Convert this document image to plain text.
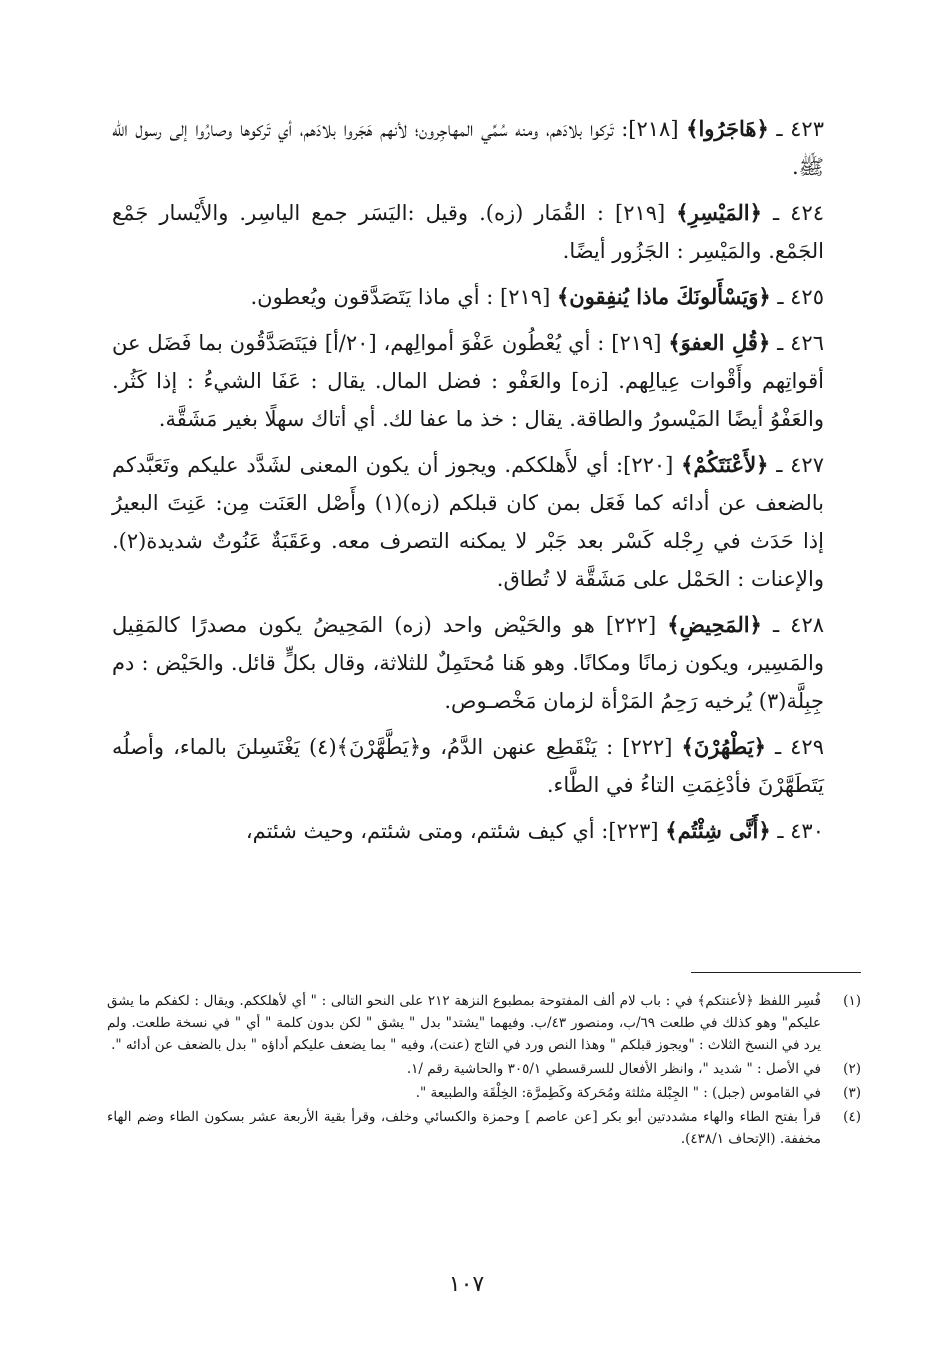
٤٢٣ ـ ﴿هَاجَرُوا﴾ [٢١٨]: تَركوا بلادَهم، ومنه سُمِّي المهاجِرون؛ لأنهم هَجَروا بلادَهم، أي تَركوها وصارُوا إلى رسول الله ﷺ.

٤٢٤ ـ ﴿المَيْسِرِ﴾ [٢١٩] : القُمَار (زه). وقيل :اليَسَر جمع الياسِر. والأَيْسار جَمْع الجَمْع. والمَيْسِر : الجَزُور أيضًا.

٤٢٥ ـ ﴿وَيَسْأَلونَكَ ماذا يُنفِقون﴾ [٢١٩] : أي ماذا يَتَصَدَّقون ويُعطون.

٤٢٦ ـ ﴿قُلِ العفوَ﴾ [٢١٩] : أي يُعْطُون عَفْوَ أموالِهم، [٢٠/أ] فيَتَصَدَّقُون بما فَضَل عن أقواتِهم وأَقْوات عِيالِهم. [زه] والعَفْو : فضل المال. يقال : عَفَا الشيءُ : إذا كَثُر. والعَفْوُ أيضًا المَيْسورُ والطاقة. يقال : خذ ما عفا لك. أي أتاك سهلًا بغير مَشَقَّة.

٤٢٧ ـ ﴿لأَعْنَتَكُمْ﴾ [٢٢٠]: أي لأَهلككم. ويجوز أن يكون المعنى لشَدَّد عليكم وتَعَبَّدكم بالضعف عن أدائه كما فَعَل بمن كان قبلكم (زه)(١) وأَصْل العَنَت مِن: عَنِتَ البعيرُ إذا حَدَث في رِجْله كَسْر بعد جَبْر لا يمكنه التصرف معه. وعَقَبَةٌ عَنُوتٌ شديدة(٢). والإعنات : الحَمْل على مَشَقَّة لا تُطاق.

٤٢٨ ـ ﴿المَحِيضِ﴾ [٢٢٢] هو والحَيْض واحد (زه) المَحِيضُ يكون مصدرًا كالمَقِيل والمَسِير، ويكون زمانًا ومكانًا. وهو هَنا مُحتَمِلٌ للثلاثة، وقال بكلٍّ قائل. والحَيْض : دم جِبِلَّة(٣) يُرخيه رَحِمُ المَرْأة لزمان مَخْصـوص.

٤٢٩ ـ ﴿يَطْهُرْنَ﴾ [٢٢٢] : يَنْقَطِع عنهن الدَّمُ، و﴿يَطَّهَّرْنَ﴾(٤) يَغْتَسِلنَ بالماء، وأصلُه يَتَطَهَّرْنَ فأدْغِمَتِ التاءُ في الطَّاء.

٤٣٠ ـ ﴿أَنَّى شِئْتُم﴾ [٢٢٣]: أي كيف شئتم، ومتى شئتم، وحيث شئتم،

(١)
فُسِر اللفظ ﴿لأعنتكم﴾ في : باب لام ألف المفتوحة بمطبوع النزهة ٢١٢ على النحو التالى : " أي لأهلككم. ويقال : لكفكم ما يشق عليكم" وهو كذلك في طلعت ٦٩/ب، ومنصور ٤٣/ب. وفيهما "يشتد" بدل " يشق " لكن بدون كلمة " أي " في نسخة طلعت. ولم يرد في النسخ الثلاث : "ويجوز قبلكم " وهذا النص ورد في التاج (عنت)، وفيه " بما يضعف عليكم أداؤه " بدل بالضعف عن أدائه ".
(٢)
في الأصل : " شديد "، وانظر الأفعال للسرقسطي ٣٠٥/١ والحاشية رقم /١.
(٣)
في القاموس (جبل) : " الجِبْلة مثلثة ومُحَركة وكَطِمرَّة: الخِلْقَة والطبيعة ".
(٤)
قرأ بفتح الطاء والهاء مشددتين أبو بكر [عن عاصم ] وحمزة والكسائي وخلف، وقرأ بقية الأربعة عشر بسكون الطاء وضم الهاء مخففة. (الإتحاف ٤٣٨/١).
١٠٧
